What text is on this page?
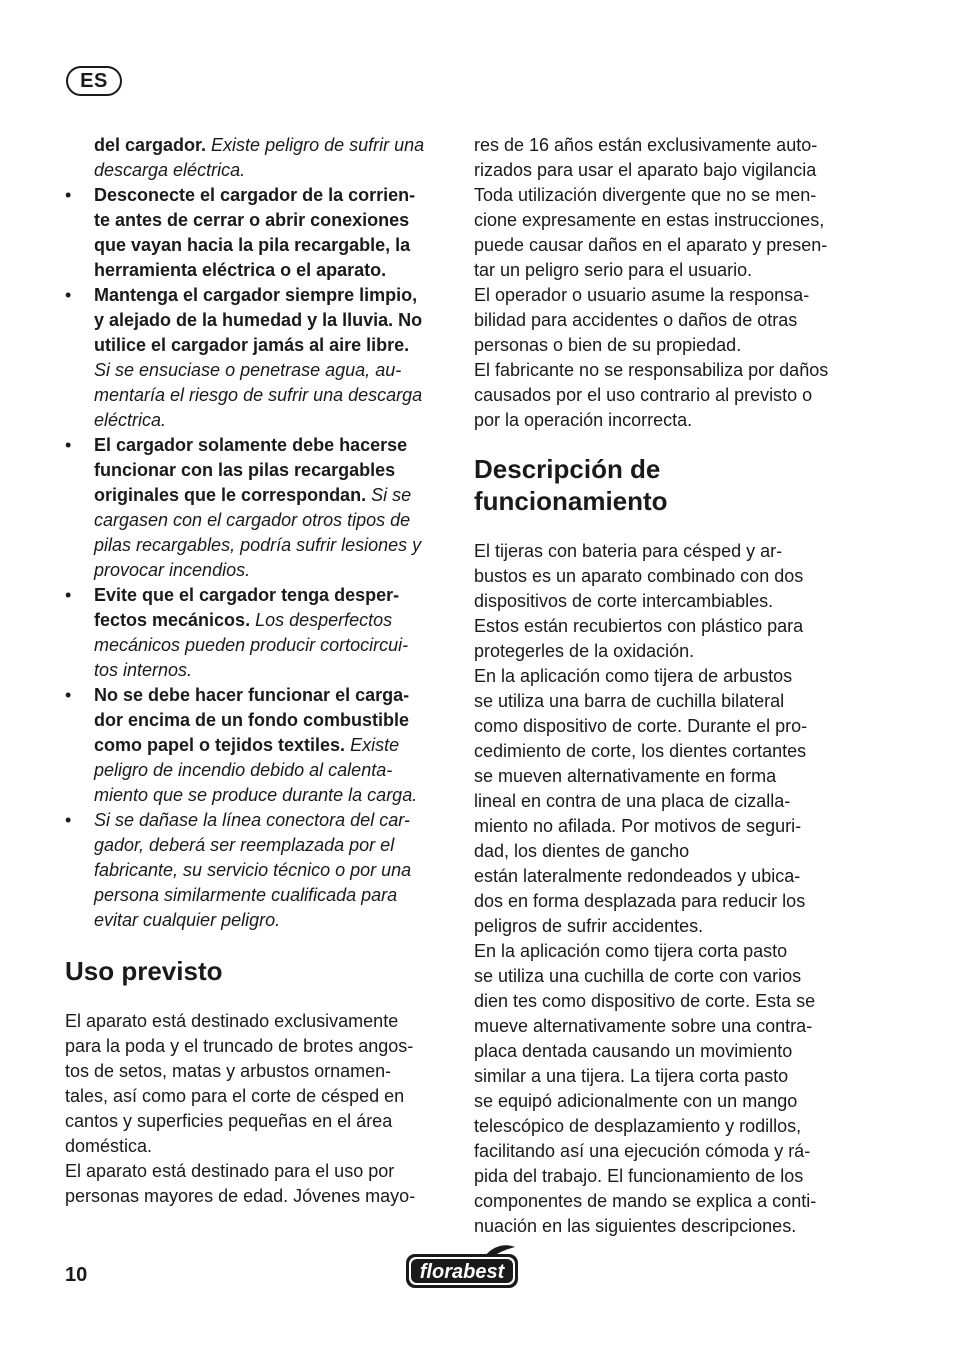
ES
del cargador. Existe peligro de sufrir una
descarga eléctrica.
•	Desconecte el cargador de la corrien-
te antes de cerrar o abrir conexiones
que vayan hacia la pila recargable, la
herramienta eléctrica o el aparato.
•	Mantenga el cargador siempre limpio,
y alejado de la humedad y la lluvia. No
utilice el cargador jamás al aire libre.
Si se ensuciase o penetrase agua, au-
mentaría el riesgo de sufrir una descarga
eléctrica.
•	El cargador solamente debe hacerse
funcionar con las pilas recargables
originales que le correspondan. Si se
cargasen con el cargador otros tipos de
pilas recargables, podría sufrir lesiones y
provocar incendios.
•	Evite que el cargador tenga desper-
fectos mecánicos. Los desperfectos
mecánicos pueden producir cortocircui-
tos internos.
•	No se debe hacer funcionar el carga-
dor encima de un fondo combustible
como papel o tejidos textiles. Existe
peligro de incendio debido al calenta-
miento que se produce durante la carga.
•	Si se dañase la línea conectora del car-
gador, deberá ser reemplazada por el
fabricante, su servicio técnico o por una
persona similarmente cualificada para
evitar cualquier peligro.
Uso previsto
El aparato está destinado exclusivamente
para la poda y el truncado de brotes angos-
tos de setos, matas y arbustos ornamen-
tales, así como para el corte de césped en
cantos y superficies pequeñas en el área
doméstica.
El aparato está destinado para el uso por
personas mayores de edad. Jóvenes mayo-
res de 16 años están exclusivamente auto-
rizados para usar el aparato bajo vigilancia
Toda utilización divergente que no se men-
cione expresamente en estas instrucciones,
puede causar daños en el aparato y presen-
tar un peligro serio para el usuario.
El operador o usuario asume la responsa-
bilidad para accidentes o daños de otras
personas o bien de su propiedad.
El fabricante no se responsabiliza por daños
causados por el uso contrario al previsto o
por la operación incorrecta.
Descripción de
funcionamiento
El tijeras con bateria para césped y ar-
bustos es un aparato combinado con dos
dispositivos de corte intercambiables.
Estos están recubiertos con plástico para
protegerles de la oxidación.
En la aplicación como tijera de arbustos
se utiliza una barra de cuchilla bilateral
como dispositivo de corte. Durante el pro-
cedimiento de corte, los dientes cortantes
se mueven alternativamente en forma
lineal en contra de una placa de cizalla-
miento no afilada. Por motivos de seguri-
dad, los dientes de gancho
están lateralmente redondeados y ubica-
dos en forma desplazada para reducir los
peligros de sufrir accidentes.
En la aplicación como tijera corta pasto
se utiliza una cuchilla de corte con varios
dien tes como dispositivo de corte. Esta se
mueve alternativamente sobre una contra-
placa dentada causando un movimiento
similar a una tijera. La tijera corta pasto
se equipó adicionalmente con un mango
telescópico de desplazamiento y rodillos,
facilitando así una ejecución cómoda y rá-
pida del trabajo. El funcionamiento de los
componentes de mando se explica a conti-
nuación en las siguientes descripciones.
10	florabest
